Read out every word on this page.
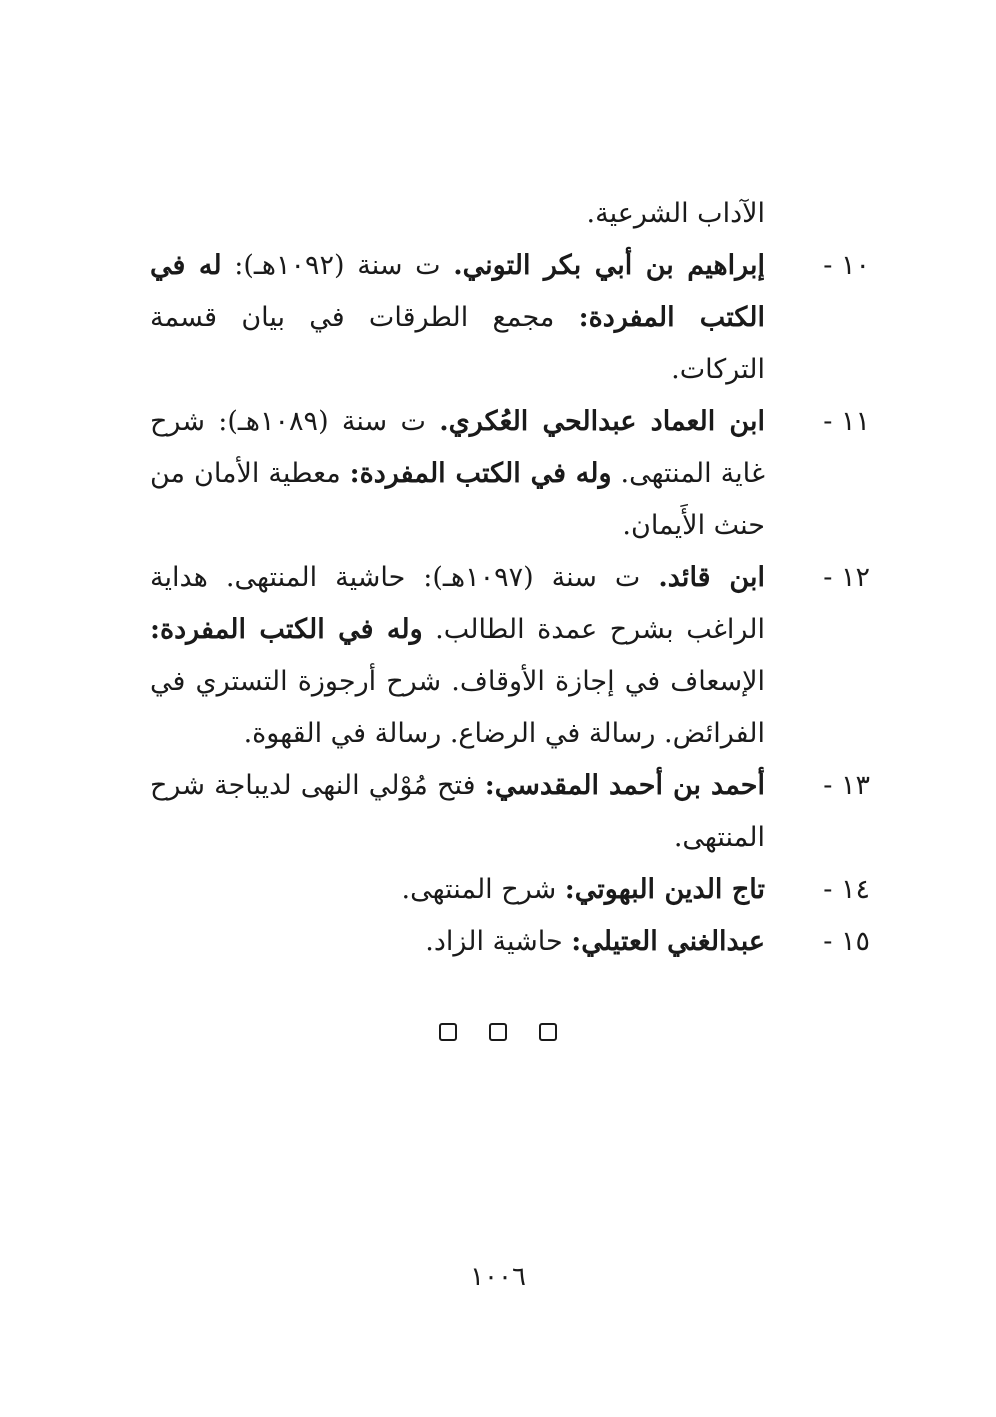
الآداب الشرعية.
١٠ -
إبراهيم بن أبي بكر التوني. ت سنة (١٠٩٢هـ): له في الكتب المفردة: مجمع الطرقات في بيان قسمة التركات.
١١ -
ابن العماد عبدالحي العُكري. ت سنة (١٠٨٩هـ): شرح غاية المنتهى. وله في الكتب المفردة: معطية الأمان من حنث الأَيمان.
١٢ -
ابن قائد. ت سنة (١٠٩٧هـ): حاشية المنتهى. هداية الراغب بشرح عمدة الطالب. وله في الكتب المفردة: الإسعاف في إجازة الأوقاف. شرح أرجوزة التستري في الفرائض. رسالة في الرضاع. رسالة في القهوة.
١٣ -
أحمد بن أحمد المقدسي: فتح مُوْلي النهى لديباجة شرح المنتهى.
١٤ -
تاج الدين البهوتي: شرح المنتهى.
١٥ -
عبدالغني العتيلي: حاشية الزاد.
١٠٠٦
